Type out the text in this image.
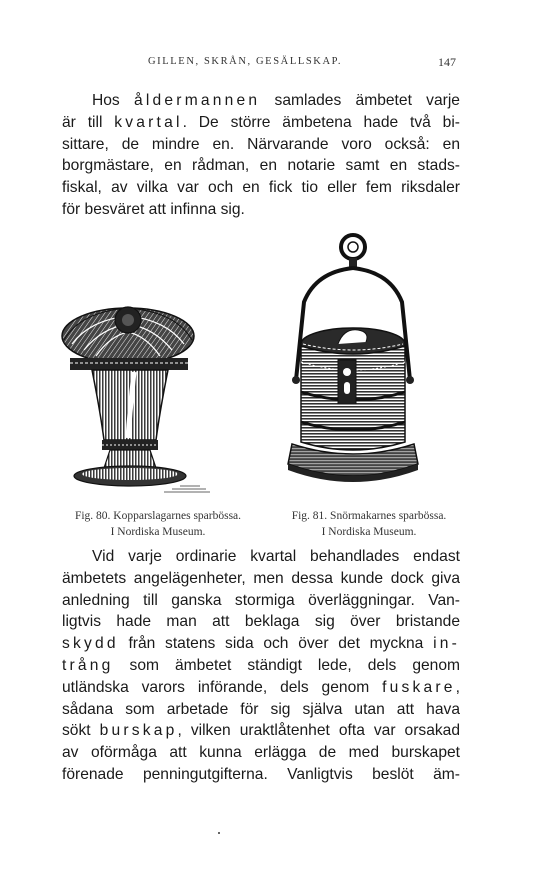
GILLEN, SKRÅN, GESÄLLSKAP.	147
Hos åldermannen samlades ämbetet varje
är till kvartal. De större ämbetena hade två bi-
sittare, de mindre en. Närvarande voro också: en
borgmästare, en rådman, en notarie samt en stads-
fiskal, av vilka var och en fick tio eller fem riksdaler
för besväret att infinna sig.
Fig. 80. Kopparslagarnes sparbössa.
I Nordiska Museum.
Fig. 81. Snörmakarnes sparbössa.
I Nordiska Museum.
Vid varje ordinarie kvartal behandlades endast
ämbetets angelägenheter, men dessa kunde dock giva
anledning till ganska stormiga överläggningar. Van-
ligtvis hade man att beklaga sig över bristande
skydd från statens sida och över det myckna in-
trång som ämbetet ständigt lede, dels genom
utländska varors införande, dels genom fuskare,
sådana som arbetade för sig själva utan att hava
sökt burskap, vilken uraktlåtenhet ofta var orsakad
av oförmåga att kunna erlägga de med burskapet
förenade penningutgifterna. Vanligtvis beslöt äm-
